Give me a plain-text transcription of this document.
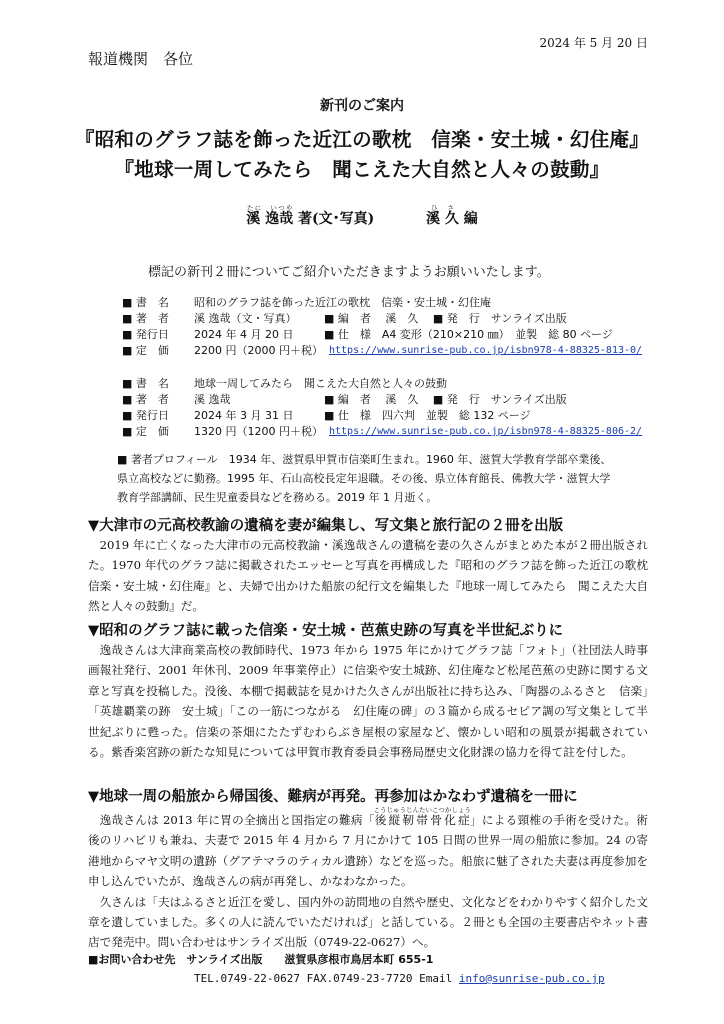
2024 年 5 月 20 日
報道機関　各位
新刊のご案内
『昭和のグラフ誌を飾った近江の歌枕　信楽・安土城・幻住庵』
『地球一周してみたら　聞こえた大自然と人々の鼓動』
溪 逸哉たに　 いつや 著(文･写真)	溪 久ひさ 編
標記の新刊２冊についてご紹介いただきますようお願いいたします。
■ 書　名	昭和のグラフ誌を飾った近江の歌枕　信楽・安土城・幻住庵
■ 著　者	溪 逸哉（文・写真）	■ 編　者　 溪　久　 ■ 発　行　サンライズ出版
■ 発行日	2024 年 4 月 20 日	■ 仕　様　A4 変形（210×210 ㎜）　並製　総 80 ページ
■ 定　価	2200 円（2000 円＋税） https://www.sunrise-pub.co.jp/isbn978-4-88325-813-0/
■ 書　名	地球一周してみたら　聞こえた大自然と人々の鼓動
■ 著　者	溪 逸哉	■ 編　者　 溪　久　 ■ 発　行　サンライズ出版
■ 発行日	2024 年 3 月 31 日	■ 仕　様　四六判　並製　総 132 ページ
■ 定　価	1320 円（1200 円＋税） https://www.sunrise-pub.co.jp/isbn978-4-88325-806-2/
■ 著者プロフィール　1934 年、滋賀県甲賀市信楽町生まれ。1960 年、滋賀大学教育学部卒業後、県立高校などに勤務。1995 年、石山高校長定年退職。その後、県立体育館長、佛教大学・滋賀大学教育学部講師、民生児童委員などを務める。2019 年 1 月逝く。
▼大津市の元高校教諭の遺稿を妻が編集し、写文集と旅行記の２冊を出版

2019 年に亡くなった大津市の元高校教諭・溪逸哉さんの遺稿を妻の久さんがまとめた本が２冊出版された。1970 年代のグラフ誌に掲載されたエッセーと写真を再構成した『昭和のグラフ誌を飾った近江の歌枕　信楽・安土城・幻住庵』と、夫婦で出かけた船旅の紀行文を編集した『地球一周してみたら　聞こえた大自然と人々の鼓動』だ。

▼昭和のグラフ誌に載った信楽・安土城・芭蕉史跡の写真を半世紀ぶりに

逸哉さんは大津商業高校の教師時代、1973 年から 1975 年にかけてグラフ誌「フォト」（社団法人時事画報社発行、2001 年休刊、2009 年事業停止）に信楽や安土城跡、幻住庵など松尾芭蕉の史跡に関する文章と写真を投稿した。没後、本棚で掲載誌を見かけた久さんが出版社に持ち込み、「陶器のふるさと　信楽」「英雄覇業の跡　安土城」「この一筋につながる　幻住庵の碑」の３篇から成るセピア調の写文集として半世紀ぶりに甦った。信楽の茶畑にたたずむわらぶき屋根の家屋など、懐かしい昭和の風景が掲載されている。紫香楽宮跡の新たな知見については甲賀市教育委員会事務局歴史文化財課の協力を得て註を付した。

▼地球一周の船旅から帰国後、難病が再発。再参加はかなわず遺稿を一冊に

逸哉さんは 2013 年に胃の全摘出と国指定の難病「後縦靭帯骨化症こうじゅうじんたいこつかしょう」による頸椎の手術を受けた。術後のリハビリも兼ね、夫妻で 2015 年 4 月から 7 月にかけて 105 日間の世界一周の船旅に参加。24 の寄港地からマヤ文明の遺跡（グアテマラのティカル遺跡）などを巡った。船旅に魅了された夫妻は再度参加を申し込んでいたが、逸哉さんの病が再発し、かなわなかった。

久さんは「夫はふるさと近江を愛し、国内外の訪問地の自然や歴史、文化などをわかりやすく紹介した文章を遺していました。多くの人に読んでいただければ」と話している。２冊とも全国の主要書店やネット書店で発売中。問い合わせはサンライズ出版（0749-22-0627）へ。

■お問い合わせ先　サンライズ出版　　滋賀県彦根市鳥居本町 655-1
TEL.0749-22-0627 FAX.0749-23-7720 Email info@sunrise-pub.co.jp
